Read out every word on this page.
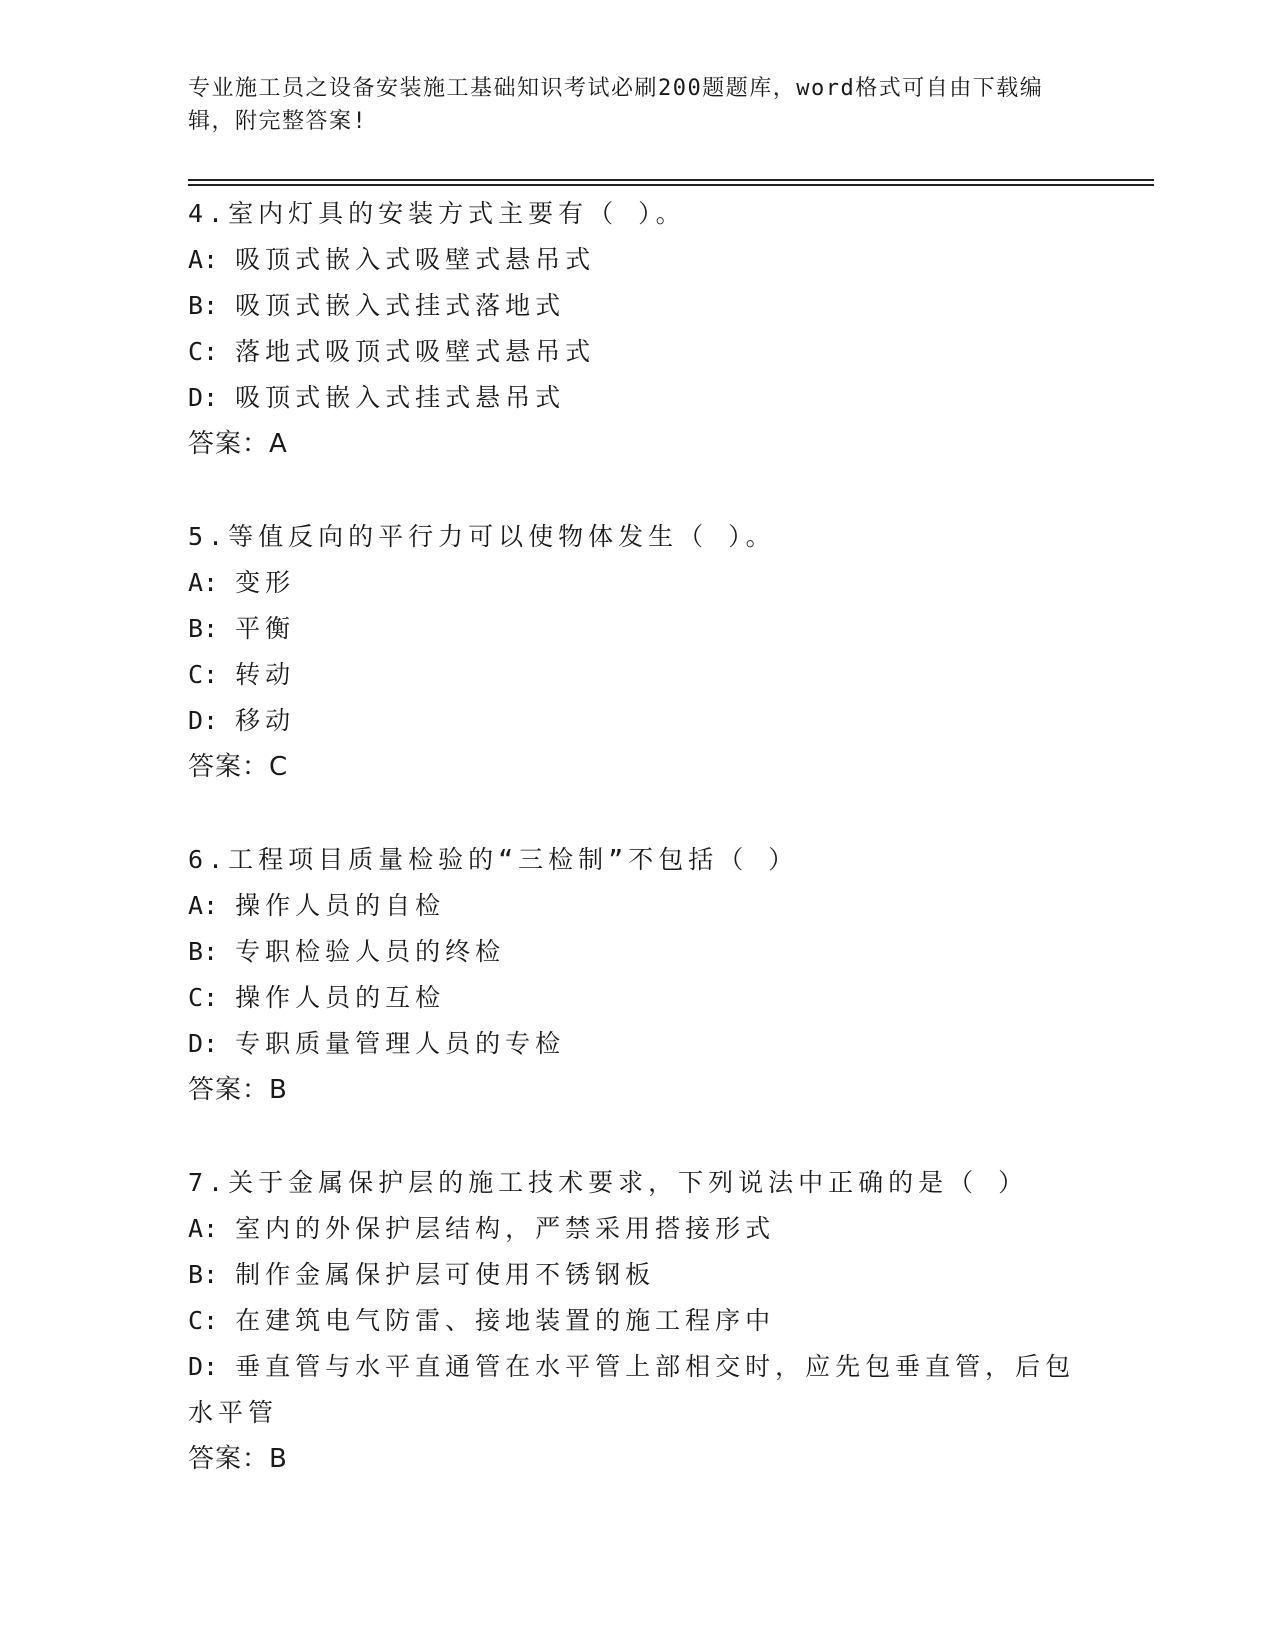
专业施工员之设备安装施工基础知识考试必刷200题题库，word格式可自由下载编辑，附完整答案!
4.室内灯具的安装方式主要有（ ）。
A: 吸顶式嵌入式吸壁式悬吊式
B: 吸顶式嵌入式挂式落地式
C: 落地式吸顶式吸壁式悬吊式
D: 吸顶式嵌入式挂式悬吊式
答案：A
5.等值反向的平行力可以使物体发生（ ）。
A: 变形
B: 平衡
C: 转动
D: 移动
答案：C
6.工程项目质量检验的“三检制”不包括（ ）
A: 操作人员的自检
B: 专职检验人员的终检
C: 操作人员的互检
D: 专职质量管理人员的专检
答案：B
7.关于金属保护层的施工技术要求，下列说法中正确的是（ ）
A: 室内的外保护层结构，严禁采用搭接形式
B: 制作金属保护层可使用不锈钢板
C: 在建筑电气防雷、接地装置的施工程序中
D: 垂直管与水平直通管在水平管上部相交时，应先包垂直管，后包水平管
答案：B
